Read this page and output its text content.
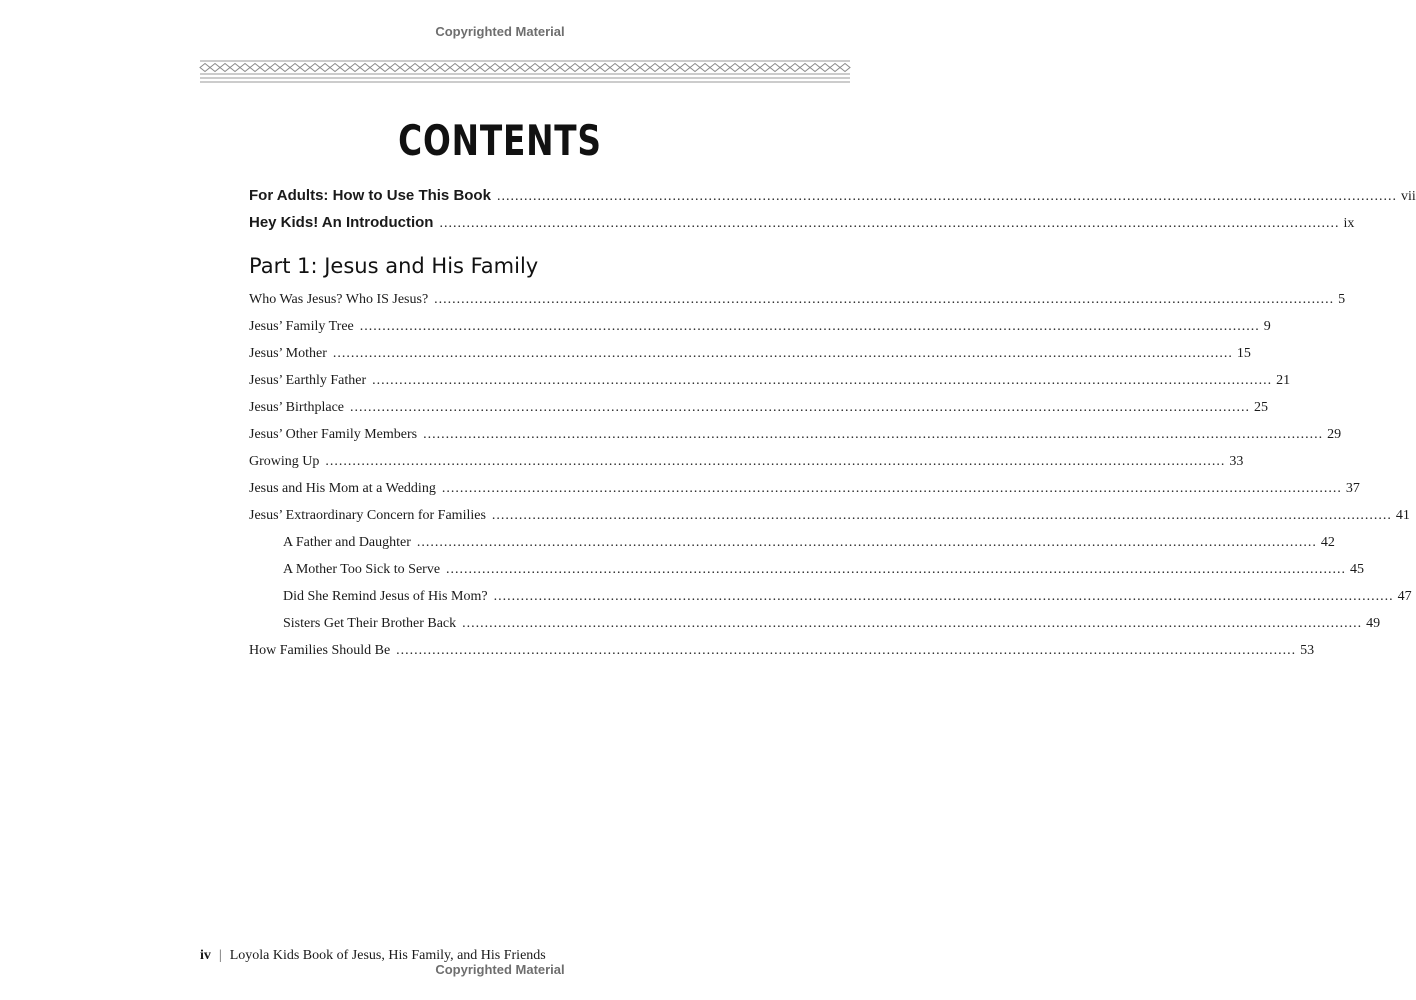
Copyrighted Material
CONTENTS
For Adults: How to Use This Book ........................................................................................................................................................................................................ vii
Hey Kids! An Introduction ........................................................................................................................................................................................................ ix
Part 1: Jesus and His Family
Who Was Jesus? Who IS Jesus? ........................................................................................................................................................................................................ 5
Jesus’ Family Tree ........................................................................................................................................................................................................ 9
Jesus’ Mother ........................................................................................................................................................................................................ 15
Jesus’ Earthly Father ........................................................................................................................................................................................................ 21
Jesus’ Birthplace ........................................................................................................................................................................................................ 25
Jesus’ Other Family Members ........................................................................................................................................................................................................ 29
Growing Up ........................................................................................................................................................................................................ 33
Jesus and His Mom at a Wedding ........................................................................................................................................................................................................ 37
Jesus’ Extraordinary Concern for Families ........................................................................................................................................................................................................ 41
A Father and Daughter ........................................................................................................................................................................................................ 42
A Mother Too Sick to Serve ........................................................................................................................................................................................................ 45
Did She Remind Jesus of His Mom? ........................................................................................................................................................................................................ 47
Sisters Get Their Brother Back ........................................................................................................................................................................................................ 49
How Families Should Be ........................................................................................................................................................................................................ 53
iv | Loyola Kids Book of Jesus, His Family, and His Friends
Copyrighted Material
